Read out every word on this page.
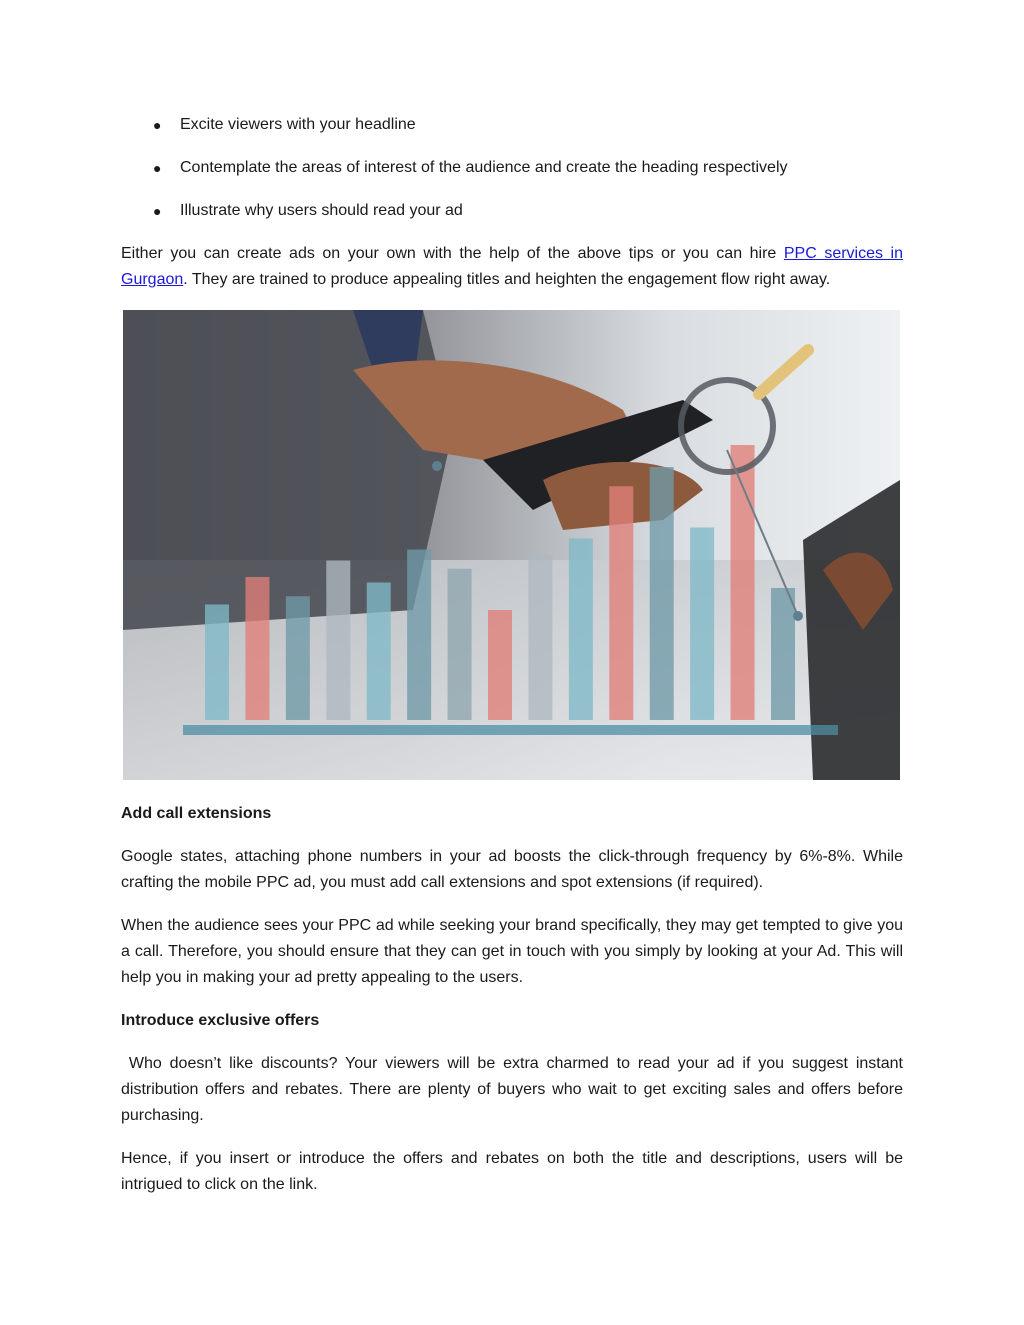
● Excite viewers with your headline
● Contemplate the areas of interest of the audience and create the heading respectively
● Illustrate why users should read your ad

Either you can create ads on your own with the help of the above tips or you can hire PPC services in Gurgaon. They are trained to produce appealing titles and heighten the engagement flow right away.

Add call extensions

Google states, attaching phone numbers in your ad boosts the click-through frequency by 6%-8%. While crafting the mobile PPC ad, you must add call extensions and spot extensions (if required).

When the audience sees your PPC ad while seeking your brand specifically, they may get tempted to give you a call. Therefore, you should ensure that they can get in touch with you simply by looking at your Ad. This will help you in making your ad pretty appealing to the users.

Introduce exclusive offers

Who doesn’t like discounts? Your viewers will be extra charmed to read your ad if you suggest instant distribution offers and rebates. There are plenty of buyers who wait to get exciting sales and offers before purchasing.

Hence, if you insert or introduce the offers and rebates on both the title and descriptions, users will be intrigued to click on the link.
